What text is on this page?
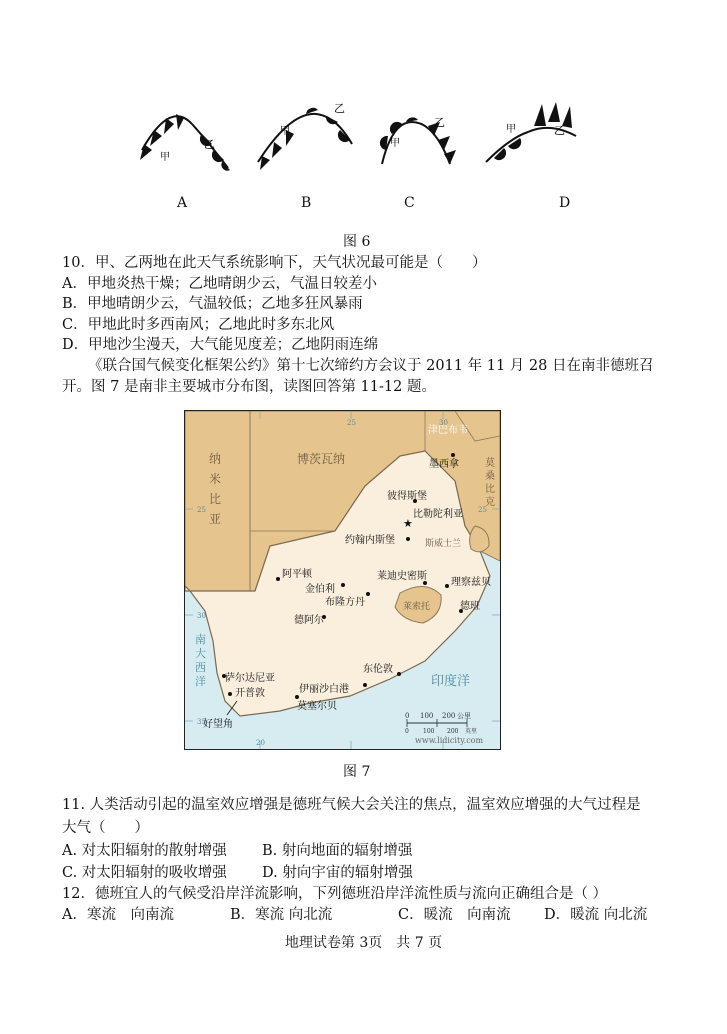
甲
乙
甲
乙
甲
乙
甲	乙
A	B	C	D
图 6
10．甲、乙两地在此天气系统影响下，天气状况最可能是（　　）
A．甲地炎热干燥；乙地晴朗少云，气温日较差小
B．甲地晴朗少云，气温较低；乙地多狂风暴雨
C．甲地此时多西南风；乙地此时多东北风
D．甲地沙尘漫天，大气能见度差；乙地阴雨连绵
《联合国气候变化框架公约》第十七次缔约方会议于 2011 年 11 月 28 日在南非德班召
开。图 7 是南非主要城市分布图，读图回答第 11-12 题。
25
30
35
20
25	30
25
津巴布韦
博茨瓦纳
纳
米
比
亚
莫
桑
比
克
斯威士兰
莱索托
墨西拿
彼得斯堡
★
比勒陀利亚
约翰内斯堡
阿平顿
金伯利
莱迪史密斯
理察兹贝
布隆方丹	德班
德阿尔
东伦敦
萨尔达尼亚
开普敦	伊丽沙白港
莫塞尔贝
好望角
南
大
西
洋	印度洋
0 100 200 公里
0 100 200 英里
www.lidicity.com
图 7
11. 人类活动引起的温室效应增强是德班气候大会关注的焦点，温室效应增强的大气过程是
大气（　　）
A. 对太阳辐射的散射增强 B. 射向地面的辐射增强
C. 对太阳辐射的吸收增强 D. 射向宇宙的辐射增强
12．德班宜人的气候受沿岸洋流影响，下列德班沿岸洋流性质与流向正确组合是（ ）
A．寒流　向南流	B．寒流 向北流	C．暖流　向南流 D．暖流 向北流
地理试卷第 3页　共 7 页
